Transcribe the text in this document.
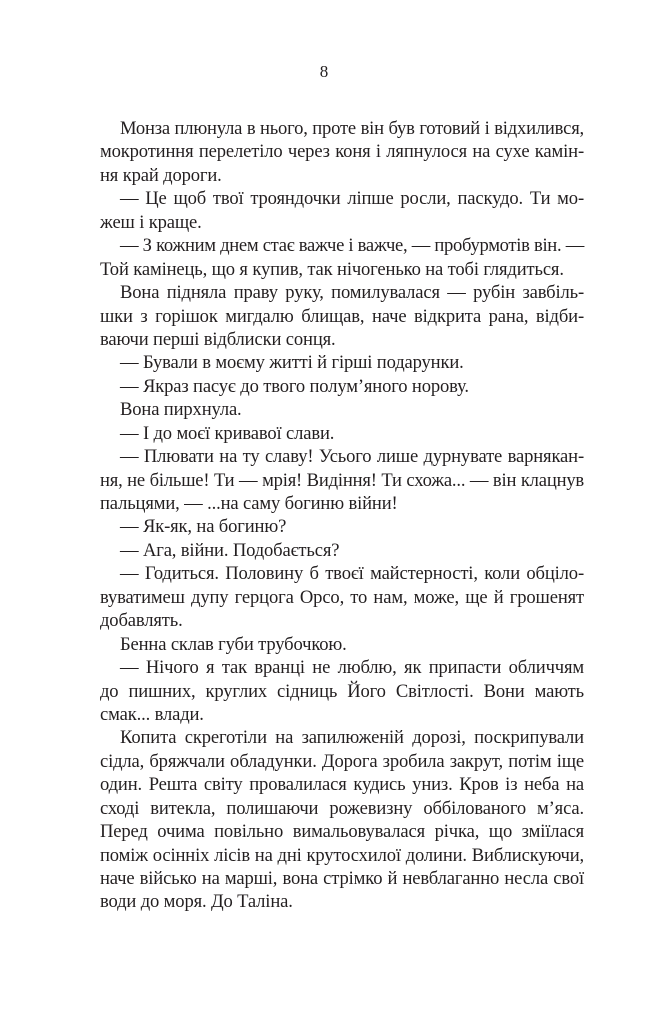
8
Монза плюнула в нього, проте він був готовий і відхилився,
мокротиння перелетіло через коня і ляпнулося на сухе камін-
ня край дороги.
— Це щоб твої трояндочки ліпше росли, паскудо. Ти мо-
жеш і краще.
— З кожним днем стає важче і важче, — пробурмотів він. —
Той камінець, що я купив, так нічогенько на тобі глядиться.
Вона підняла праву руку, помилувалася — рубін завбіль-
шки з горішок мигдалю блищав, наче відкрита рана, відби-
ваючи перші відблиски сонця.
— Бували в моєму житті й гірші подарунки.
— Якраз пасує до твого полум’яного норову.
Вона пирхнула.
— І до моєї кривавої слави.
— Плювати на ту славу! Усього лише дурнувате варнякан-
ня, не більше! Ти — мрія! Видіння! Ти схожа... — він клацнув
пальцями, — ...на саму богиню війни!
— Як-як, на богиню?
— Ага, війни. Подобається?
— Годиться. Половину б твоєї майстерності, коли обціло-
вуватимеш дупу герцога Орсо, то нам, може, ще й грошенят
добавлять.
Бенна склав губи трубочкою.
— Нічого я так вранці не люблю, як припасти обличчям
до пишних, круглих сідниць Його Світлості. Вони мають
смак... влади.
Копита скреготіли на запилюженій дорозі, поскрипували
сідла, бряжчали обладунки. Дорога зробила закрут, потім іще
один. Решта світу провалилася кудись униз. Кров із неба на
сході витекла, полишаючи рожевизну оббілованого м’яса.
Перед очима повільно вимальовувалася річка, що зміїлася
поміж осінніх лісів на дні крутосхилої долини. Виблискуючи,
наче військо на марші, вона стрімко й невблаганно несла свої
води до моря. До Таліна.
